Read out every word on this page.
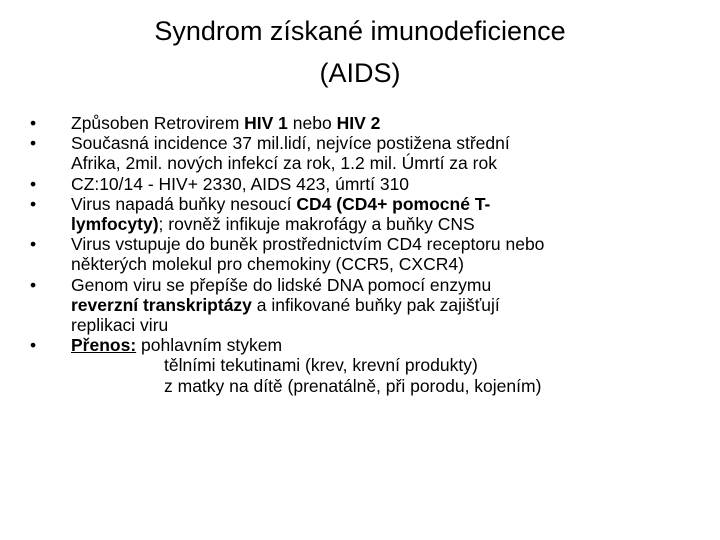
Syndrom získané imunodeficience
(AIDS)
•	Způsoben Retrovirem HIV 1 nebo HIV 2
•	Současná incidence 37 mil.lidí, nejvíce postižena střední
Afrika, 2mil. nových infekcí za rok, 1.2 mil. Úmrtí za rok
•	CZ:10/14 - HIV+ 2330, AIDS 423, úmrtí 310
•	Virus napadá buňky nesoucí CD4 (CD4+ pomocné T-
lymfocyty); rovněž infikuje makrofágy a buňky CNS
•	Virus vstupuje do buněk prostřednictvím CD4 receptoru nebo
některých molekul pro chemokiny (CCR5, CXCR4)
•	Genom viru se přepíše do lidské DNA pomocí enzymu
reverzní transkriptázy a infikované buňky pak zajišťují
replikaci viru
•	Přenos: pohlavním stykem
tělními tekutinami (krev, krevní produkty)
z matky na dítě (prenatálně, při porodu, kojením)
